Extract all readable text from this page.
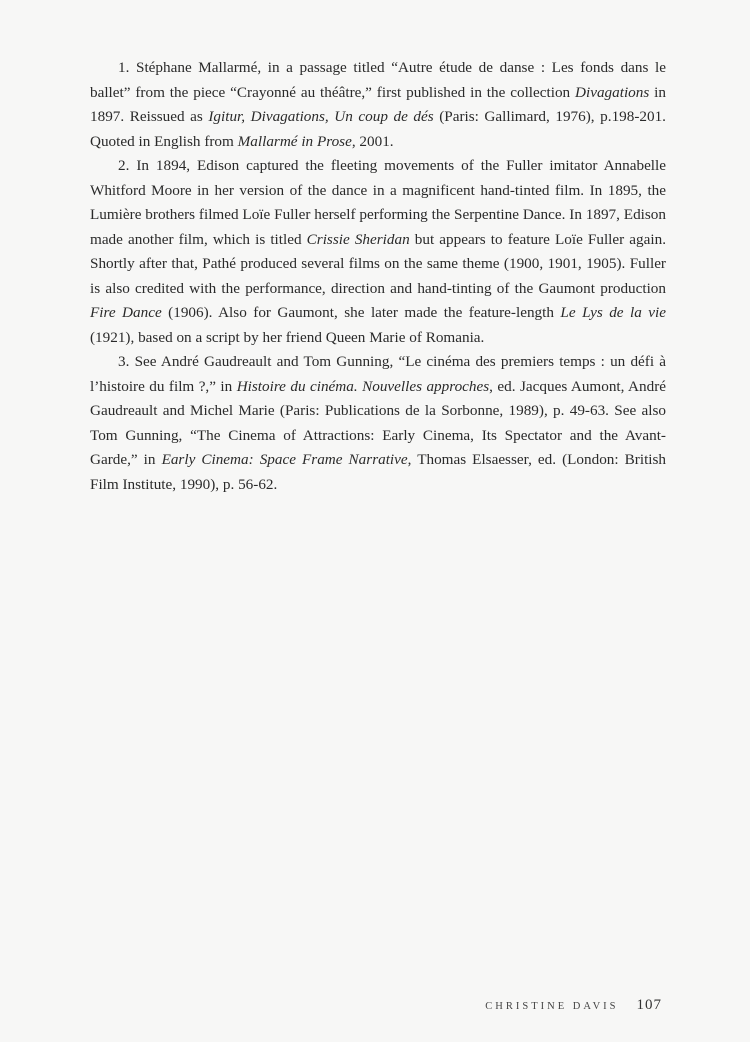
1. Stéphane Mallarmé, in a passage titled “Autre étude de danse : Les fonds dans le ballet” from the piece “Crayonné au théâtre,” first published in the collection Divagations in 1897. Reissued as Igitur, Divagations, Un coup de dés (Paris: Gallimard, 1976), p.198-201. Quoted in English from Mallarmé in Prose, 2001.

2. In 1894, Edison captured the fleeting movements of the Fuller imitator Annabelle Whitford Moore in her version of the dance in a magnificent hand-tinted film. In 1895, the Lumière brothers filmed Loïe Fuller herself performing the Serpentine Dance. In 1897, Edison made another film, which is titled Crissie Sheridan but appears to feature Loïe Fuller again. Shortly after that, Pathé produced several films on the same theme (1900, 1901, 1905). Fuller is also credited with the performance, direction and hand-tinting of the Gaumont production Fire Dance (1906). Also for Gaumont, she later made the feature-length Le Lys de la vie (1921), based on a script by her friend Queen Marie of Romania.

3. See André Gaudreault and Tom Gunning, “Le cinéma des premiers temps : un défi à l’histoire du film ?,” in Histoire du cinéma. Nouvelles approches, ed. Jacques Aumont, André Gaudreault and Michel Marie (Paris: Publications de la Sorbonne, 1989), p. 49-63. See also Tom Gunning, “The Cinema of Attractions: Early Cinema, Its Spectator and the Avant-Garde,” in Early Cinema: Space Frame Narrative, Thomas Elsaesser, ed. (London: British Film Institute, 1990), p. 56-62.

CHRISTINE DAVIS 107
